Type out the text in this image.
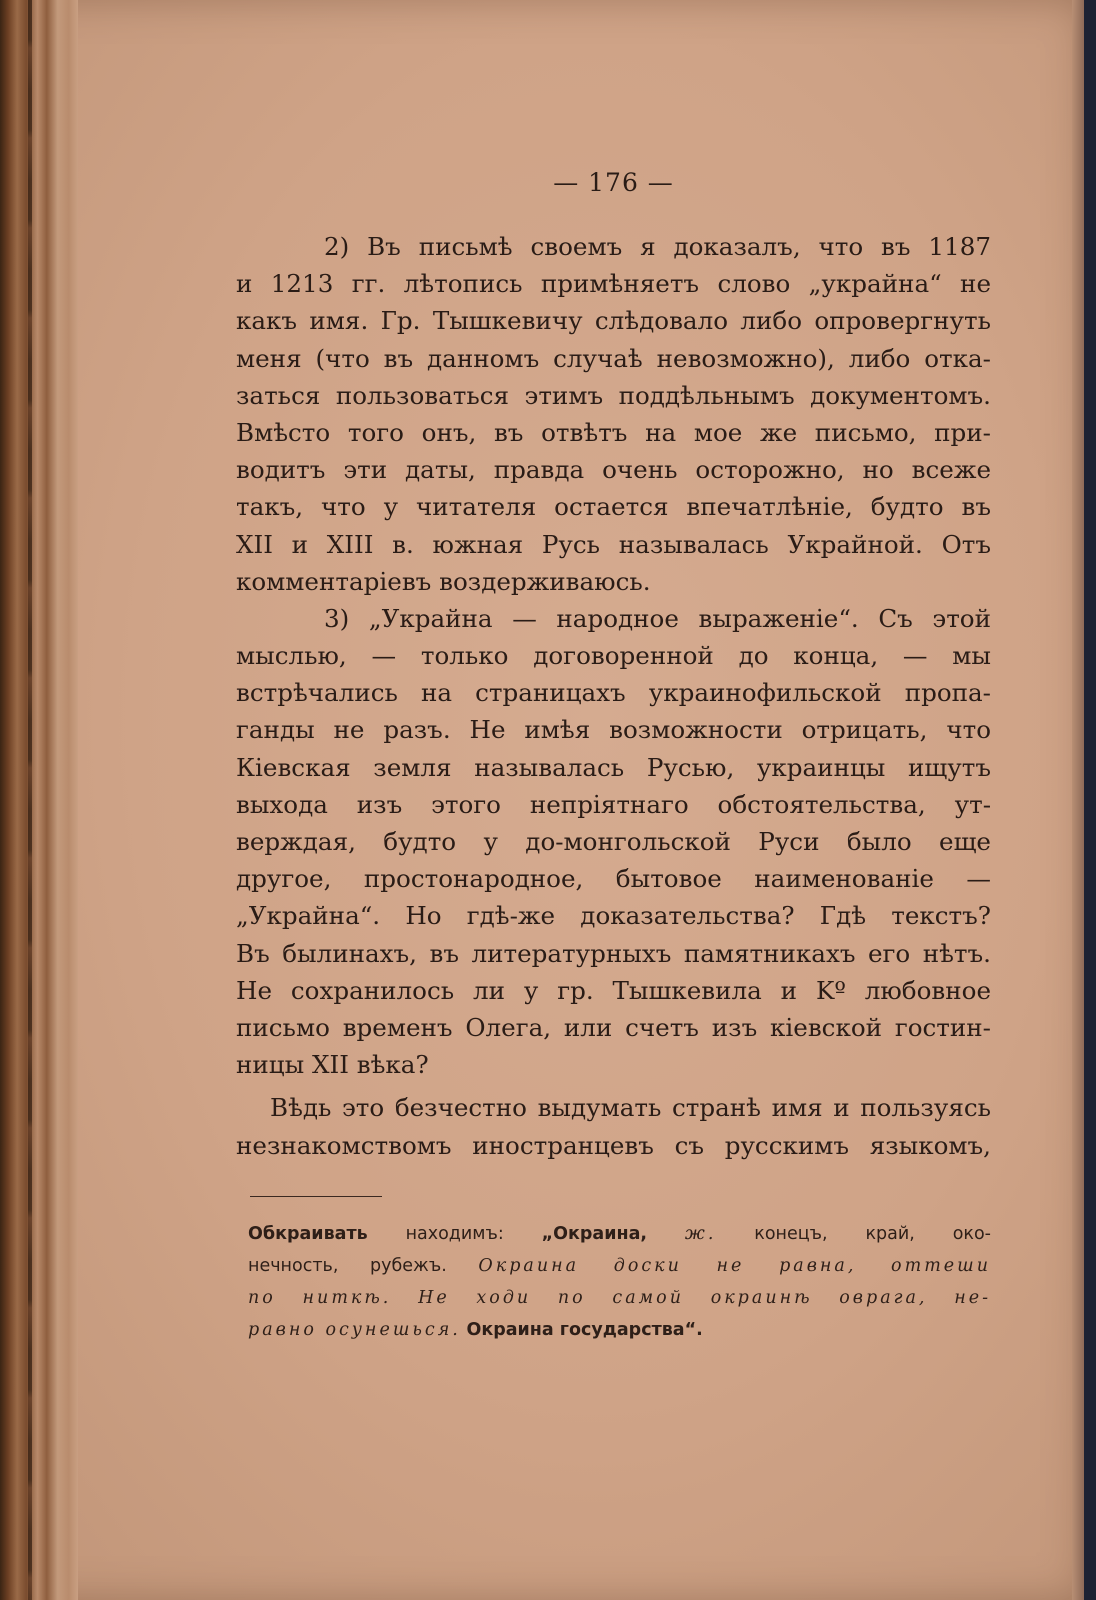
— 176 —
2) Въ письмѣ своемъ я доказалъ, что въ 1187
и 1213 гг. лѣтопись примѣняетъ слово „украйна“ не
какъ имя. Гр. Тышкевичу слѣдовало либо опровергнуть
меня (что въ данномъ случаѣ невозможно), либо отка-
заться пользоваться этимъ поддѣльнымъ документомъ.
Вмѣсто того онъ, въ отвѣтъ на мое же письмо, при-
водитъ эти даты, правда очень осторожно, но всеже
такъ, что у читателя остается впечатлѣніе, будто въ
XII и XIII в. южная Русь называлась Украйной. Отъ
комментаріевъ воздерживаюсь.
3) „Украйна — народное выраженіе“. Съ этой
мыслью, — только договоренной до конца, — мы
встрѣчались на страницахъ украинофильской пропа-
ганды не разъ. Не имѣя возможности отрицать, что
Кіевская земля называлась Русью, украинцы ищутъ
выхода изъ этого непріятнаго обстоятельства, ут-
верждая, будто у до-монгольской Руси было еще
другое, простонародное, бытовое наименованіе —
„Украйна“. Но гдѣ-же доказательства? Гдѣ текстъ?
Въ былинахъ, въ литературныхъ памятникахъ его нѣтъ.
Не сохранилось ли у гр. Тышкевила и Kº любовное
письмо временъ Олега, или счетъ изъ кіевской гостин-
ницы XII вѣка?
Вѣдь это безчестно выдумать странѣ имя и пользуясь
незнакомствомъ иностранцевъ съ русскимъ языкомъ,
Обкраивать находимъ: „Окраина, ж. конецъ, край, око-
нечность, рубежъ. Окраина доски не равна, оттеши
по ниткѣ. Не ходи по самой окраинѣ оврага, не-
равно осунешься. Окраина государства“.
